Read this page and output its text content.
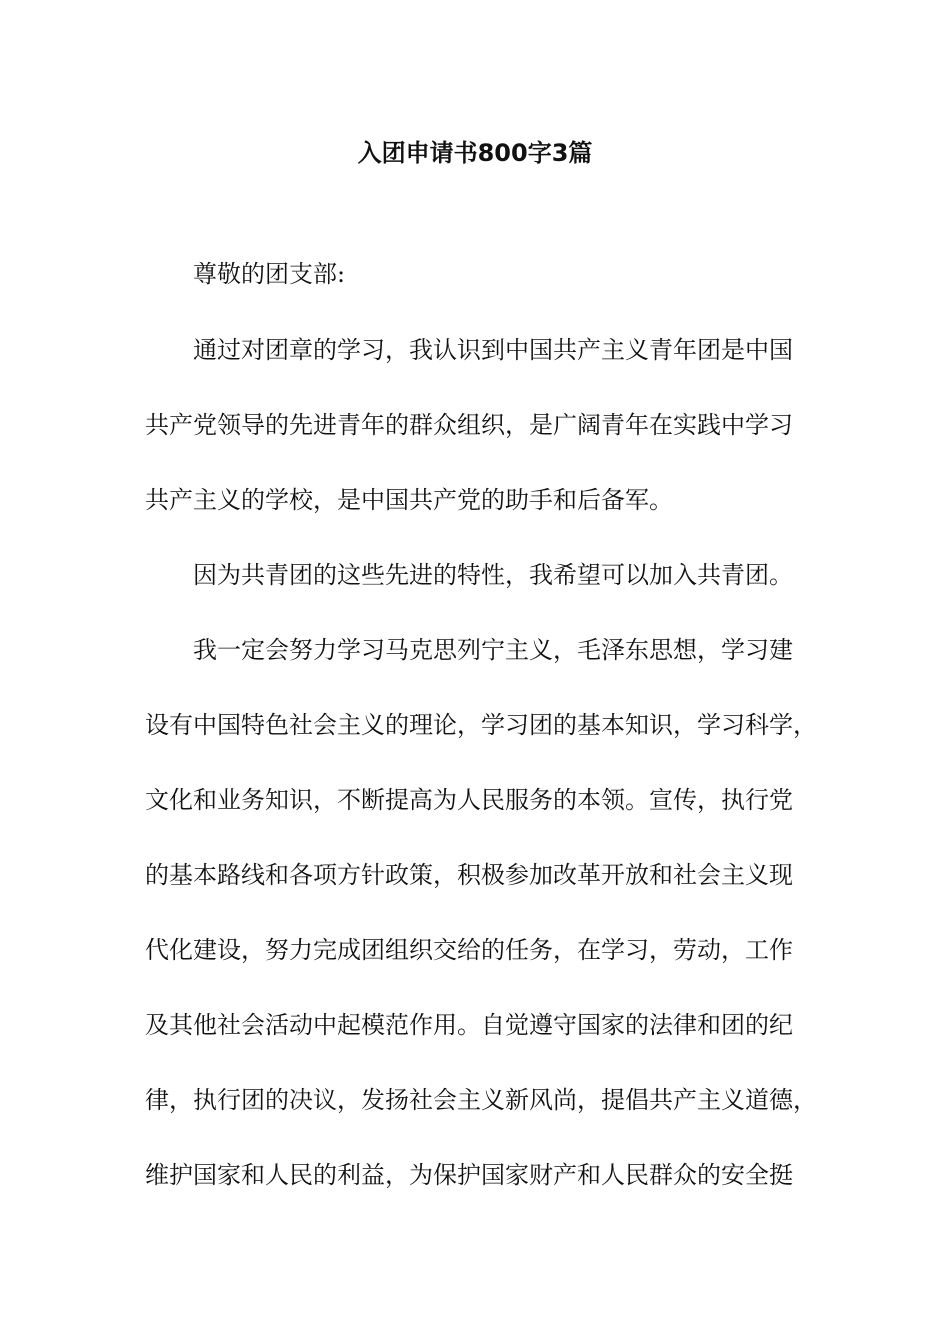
入团申请书800字3篇

尊敬的团支部:

通过对团章的学习，我认识到中国共产主义青年团是中国

共产党领导的先进青年的群众组织，是广阔青年在实践中学习

共产主义的学校，是中国共产党的助手和后备军。

因为共青团的这些先进的特性，我希望可以加入共青团。

我一定会努力学习马克思列宁主义，毛泽东思想，学习建

设有中国特色社会主义的理论，学习团的基本知识，学习科学，

文化和业务知识，不断提高为人民服务的本领。宣传，执行党

的基本路线和各项方针政策，积极参加改革开放和社会主义现

代化建设，努力完成团组织交给的任务，在学习，劳动，工作

及其他社会活动中起模范作用。自觉遵守国家的法律和团的纪

律，执行团的决议，发扬社会主义新风尚，提倡共产主义道德，

维护国家和人民的利益，为保护国家财产和人民群众的安全挺
